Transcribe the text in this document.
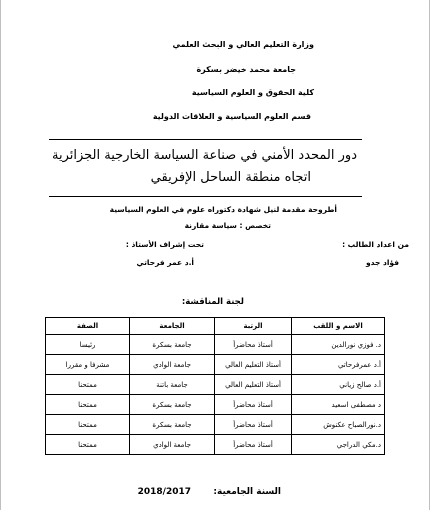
وزارة التعليم العالي و البحث العلمي
جامعة محمد خيضر بسكرة
كلية الحقوق و العلوم السياسية
قسم العلوم السياسية و العلاقات الدولية
دور المحدد الأمني في صناعة السياسة الخارجية الجزائرية
اتجاه منطقة الساحل الإفريقي
أطروحة مقدمة لنيل شهادة دكتوراه علوم في العلوم السياسية
تخصص : سياسة مقارنة
من اعداد الطالب :
تحت إشراف الأستاذ :
فؤاد جدو
أ.د عمر فرحاتي
لجنة المناقشة:
الاسم و اللقب	الرتبة	الجامعة	الصفة
د. فوزي نورالدين	أستاذ محاضرأ	جامعة بسكرة	رئيسا
أ.د عمرفرحاتي	أستاذ التعليم العالي	جامعة الوادي	مشرفا و مقررا
أ.د صالح زياني	أستاذ التعليم العالي	جامعة باتنة	ممتحنا
د مصطفى اسعيد	أستاذ محاضرأ	جامعة بسكرة	ممتحنا
د.نورالصباح عكنوش	أستاذ محاضرأ	جامعة بسكرة	ممتحنا
د.مكي الدراجي	أستاذ محاضرأ	جامعة الوادي	ممتحنا
السنة الجامعية:
2018/2017
